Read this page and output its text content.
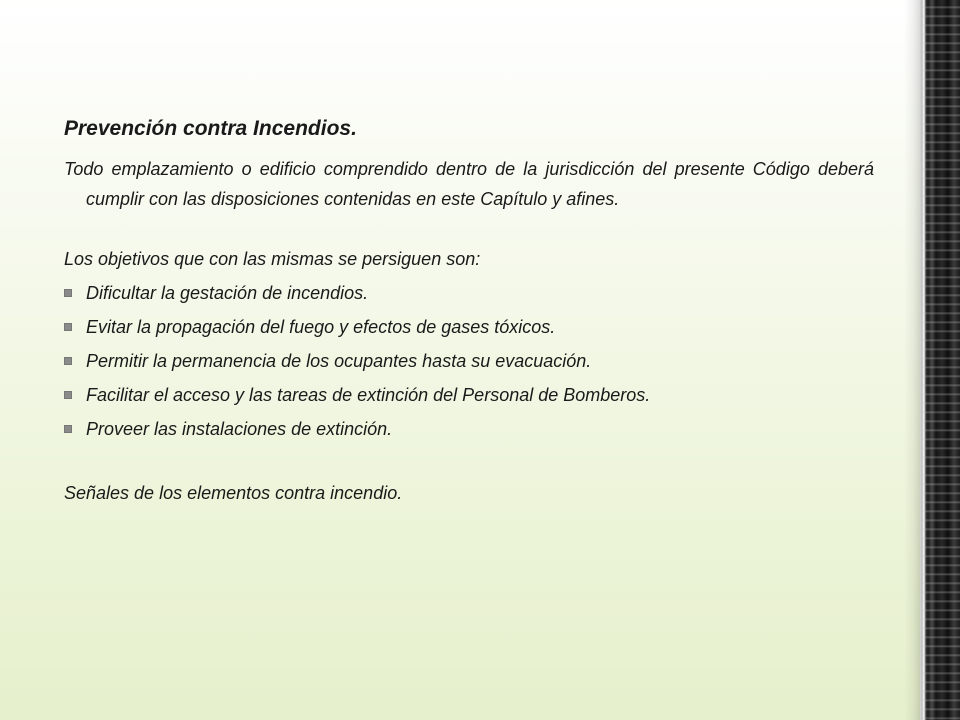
Prevención contra Incendios.

Todo emplazamiento o edificio comprendido dentro de la jurisdicción del presente Código deberá cumplir con las disposiciones contenidas en este Capítulo y afines.

Los objetivos que con las mismas se persiguen son:

Dificultar la gestación de incendios.
Evitar la propagación del fuego y efectos de gases tóxicos.
Permitir la permanencia de los ocupantes hasta su evacuación.
Facilitar el acceso y las tareas de extinción del Personal de Bomberos.
Proveer las instalaciones de extinción.

Señales de los elementos contra incendio.
